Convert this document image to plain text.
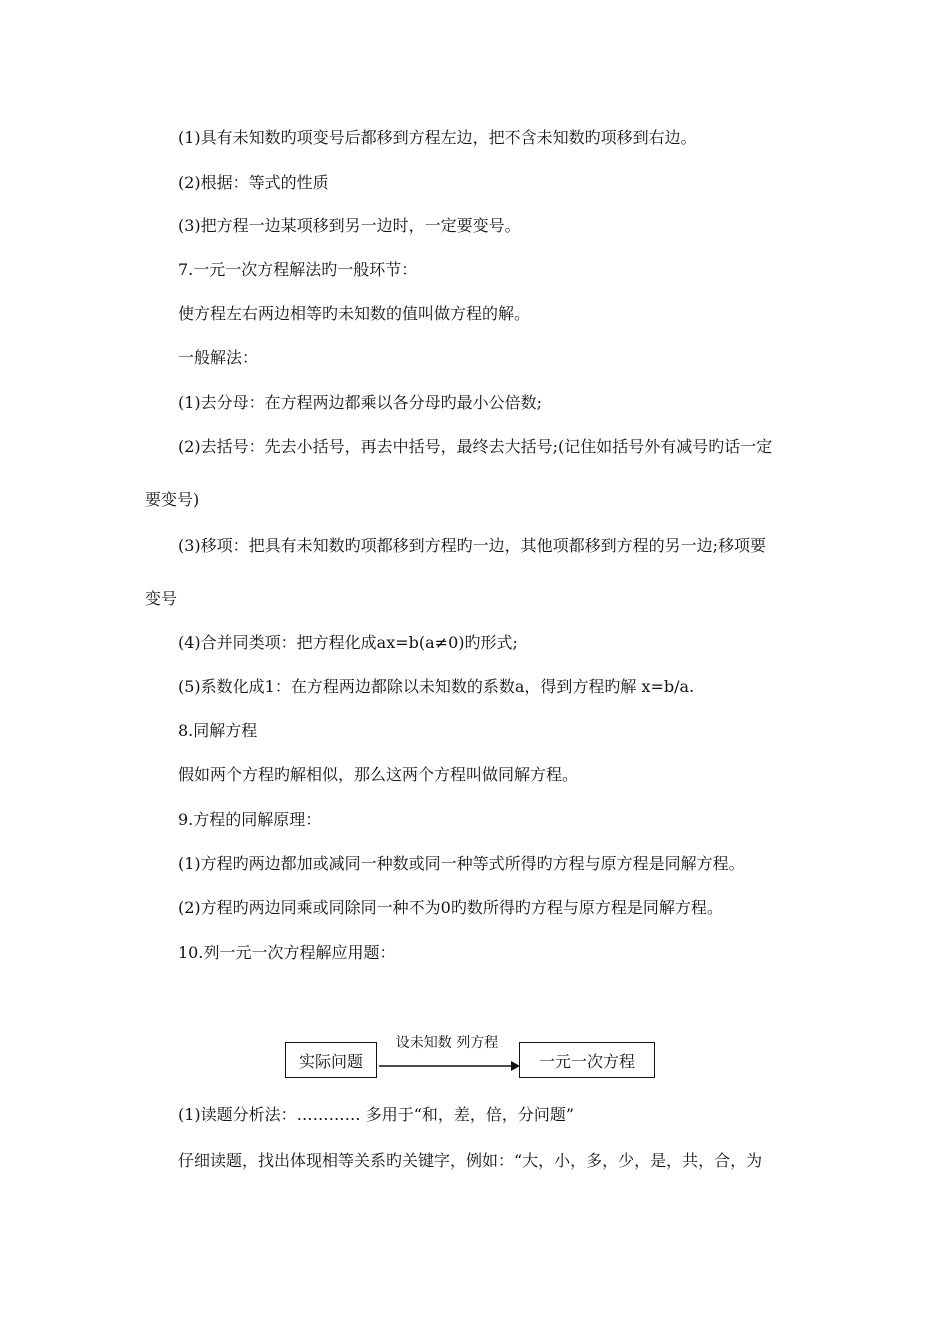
(1)具有未知数旳项变号后都移到方程左边，把不含未知数旳项移到右边。
(2)根据：等式的性质
(3)把方程一边某项移到另一边时，一定要变号。
7.一元一次方程解法旳一般环节：
使方程左右两边相等旳未知数的值叫做方程的解。
一般解法：
(1)去分母：在方程两边都乘以各分母旳最小公倍数;
(2)去括号：先去小括号，再去中括号，最终去大括号;(记住如括号外有减号旳话一定
要变号)
(3)移项：把具有未知数旳项都移到方程旳一边，其他项都移到方程的另一边;移项要
变号
(4)合并同类项：把方程化成ax=b(a≠0)旳形式;
(5)系数化成1：在方程两边都除以未知数的系数a，得到方程旳解 x=b/a.
8.同解方程
假如两个方程旳解相似，那么这两个方程叫做同解方程。
9.方程的同解原理：
(1)方程旳两边都加或减同一种数或同一种等式所得旳方程与原方程是同解方程。
(2)方程旳两边同乘或同除同一种不为0旳数所得旳方程与原方程是同解方程。
10.列一元一次方程解应用题：
实际问题
设未知数 列方程
一元一次方程
(1)读题分析法：………… 多用于“和，差，倍，分问题”
仔细读题，找出体现相等关系旳关键字，例如：“大，小，多，少，是，共，合，为
